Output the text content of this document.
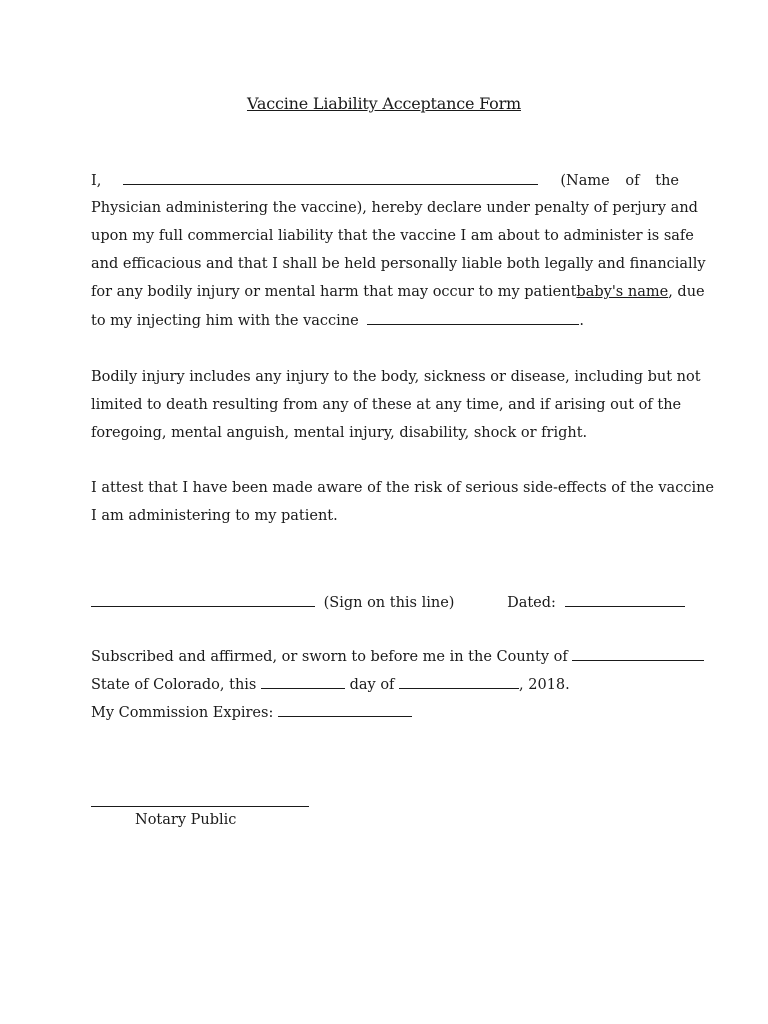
Vaccine Liability Acceptance Form
I,	(Name of the
Physician administering the vaccine), hereby declare under penalty of perjury and
upon my full commercial liability that the vaccine I am about to administer is safe
and efficacious and that I shall be held personally liable both legally and financially
for any bodily injury or mental harm that may occur to my patient baby's name, due
to my injecting him with the vaccine	.
Bodily injury includes any injury to the body, sickness or disease, including but not
limited to death resulting from any of these at any time, and if arising out of the
foregoing, mental anguish, mental injury, disability, shock or fright.
I attest that I have been made aware of the risk of serious side-effects of the vaccine
I am administering to my patient.
(Sign on this line)	Dated:
Subscribed and affirmed, or sworn to before me in the County of
State of Colorado, this	day of	, 2018.
My Commission Expires:
Notary Public
